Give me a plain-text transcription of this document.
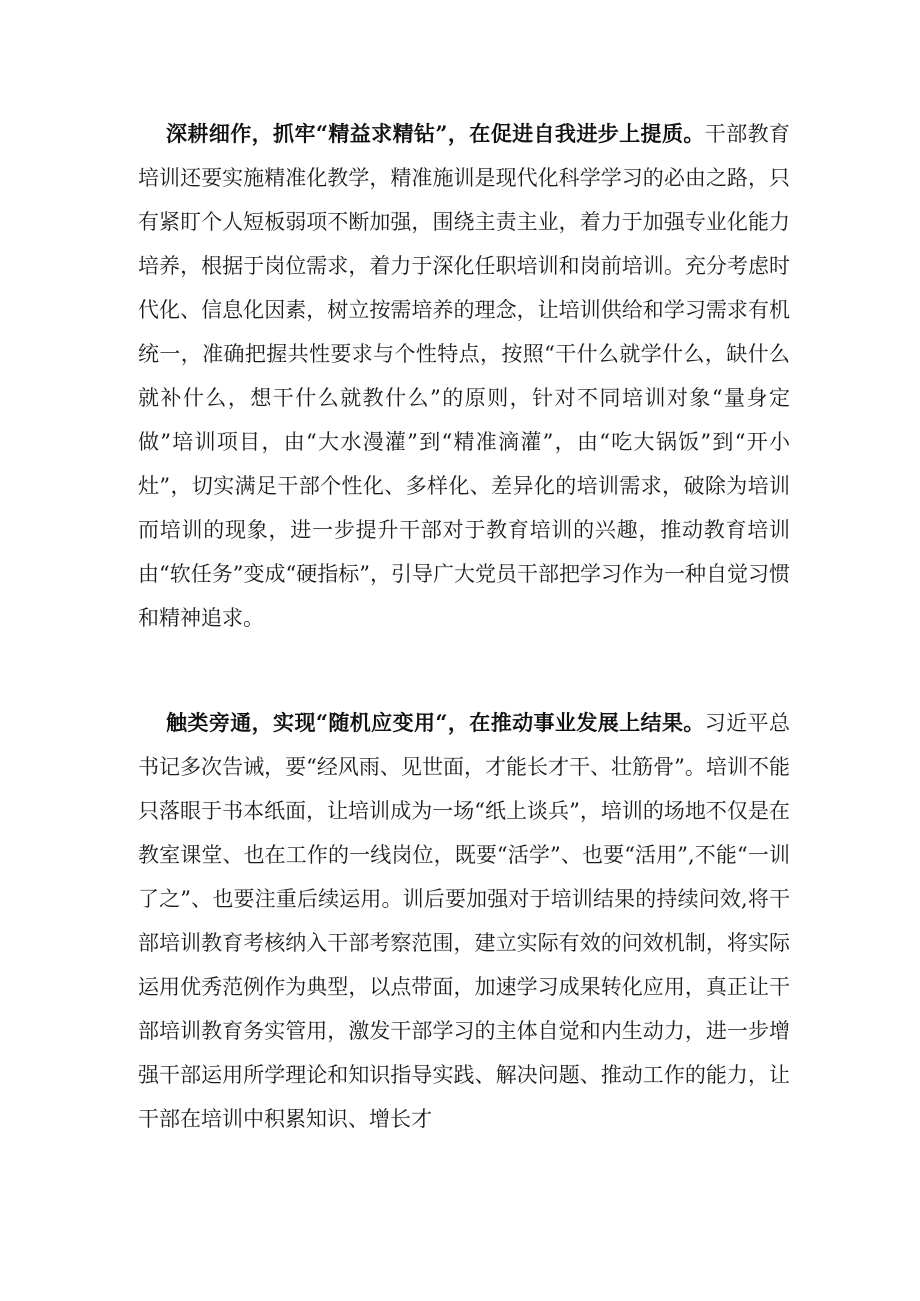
深耕细作，抓牢“精益求精钻”，在促进自我进步上提质。干部教育培训还要实施精准化教学，精准施训是现代化科学学习的必由之路，只有紧盯个人短板弱项不断加强，围绕主责主业，着力于加强专业化能力培养，根据于岗位需求，着力于深化任职培训和岗前培训。充分考虑时代化、信息化因素，树立按需培养的理念，让培训供给和学习需求有机统一，准确把握共性要求与个性特点，按照“干什么就学什么，缺什么就补什么，想干什么就教什么”的原则，针对不同培训对象“量身定做”培训项目，由“大水漫灌”到“精准滴灌”，由“吃大锅饭”到“开小灶”，切实满足干部个性化、多样化、差异化的培训需求，破除为培训而培训的现象，进一步提升干部对于教育培训的兴趣，推动教育培训由“软任务”变成“硬指标”，引导广大党员干部把学习作为一种自觉习惯和精神追求。

触类旁通，实现“随机应变用“，在推动事业发展上结果。习近平总书记多次告诫，要“经风雨、见世面，才能长才干、壮筋骨”。培训不能只落眼于书本纸面，让培训成为一场“纸上谈兵”，培训的场地不仅是在教室课堂、也在工作的一线岗位，既要“活学”、也要“活用”,不能“一训了之”、也要注重后续运用。训后要加强对于培训结果的持续问效,将干部培训教育考核纳入干部考察范围，建立实际有效的问效机制，将实际运用优秀范例作为典型，以点带面，加速学习成果转化应用，真正让干部培训教育务实管用，激发干部学习的主体自觉和内生动力，进一步增强干部运用所学理论和知识指导实践、解决问题、推动工作的能力，让干部在培训中积累知识、增长才
